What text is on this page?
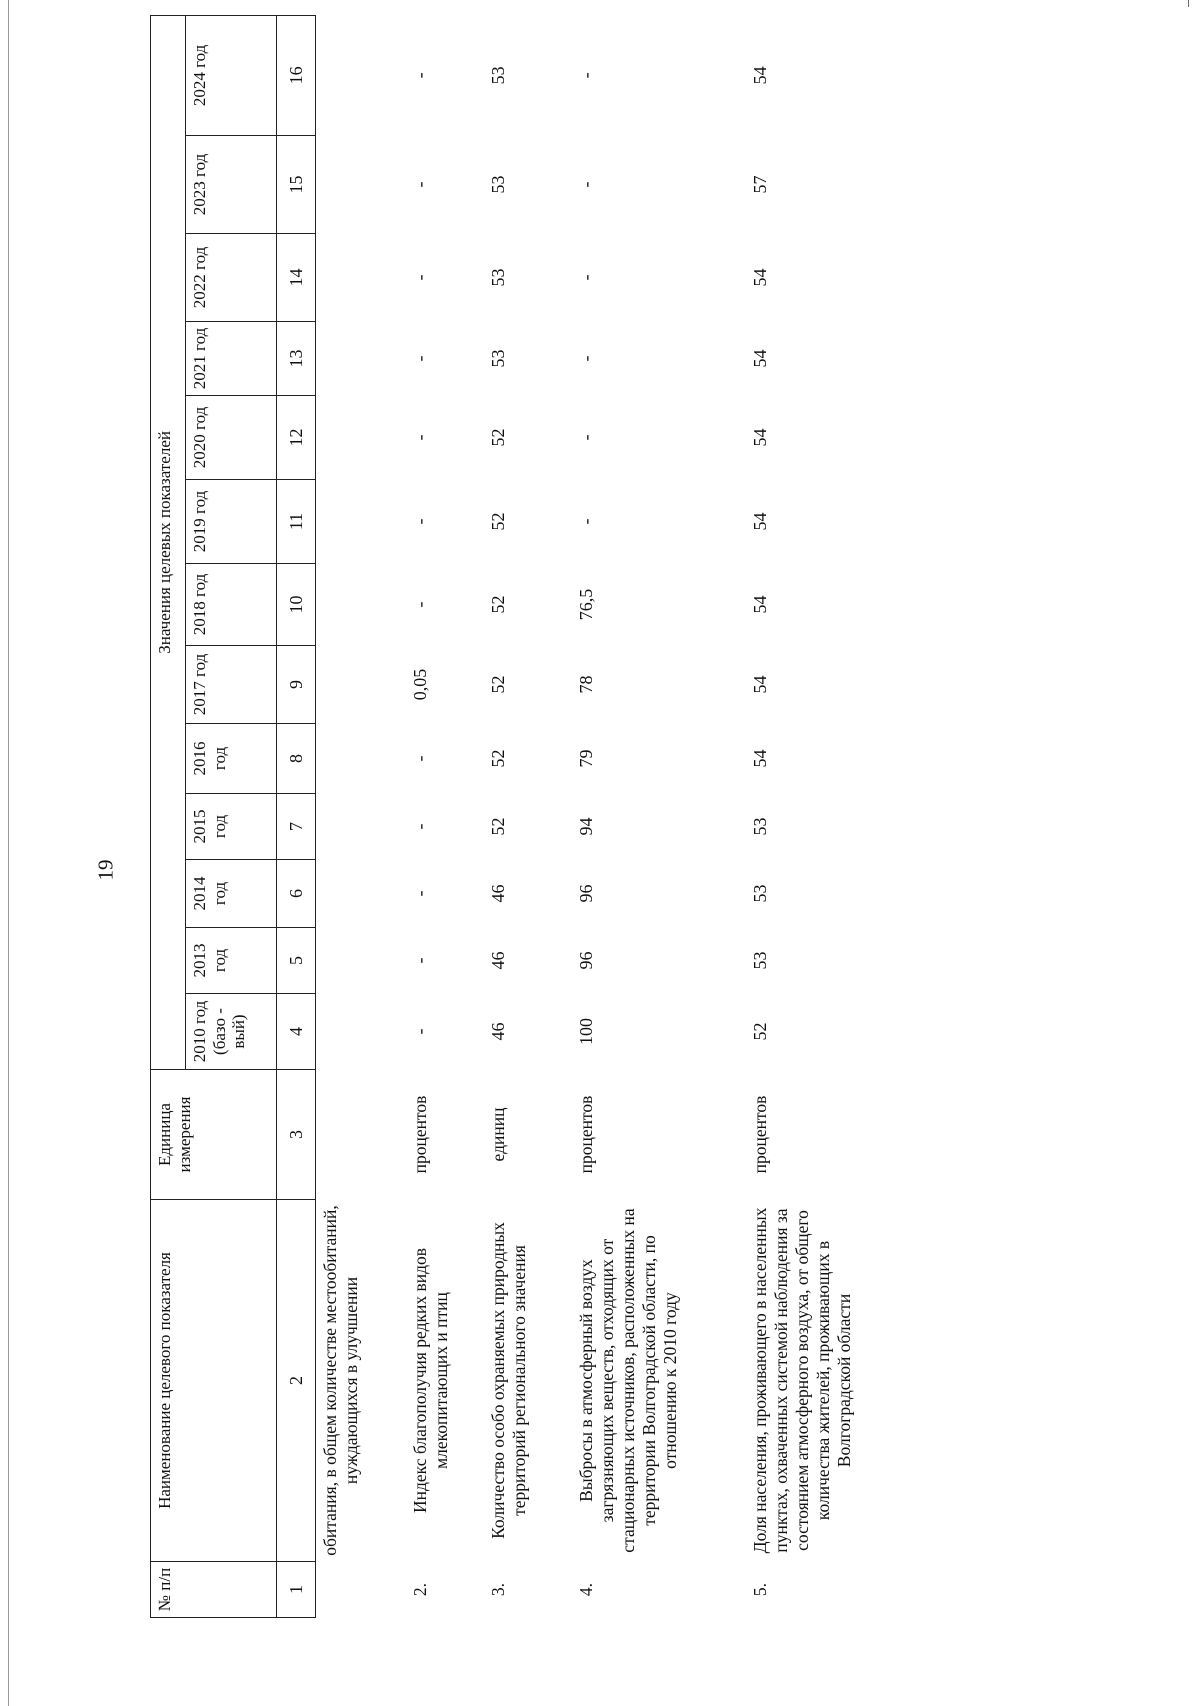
19
№ п/п	Наименование целевого показателя	Единица измерения	Значения целевых показателей												
			2010 год (базо - вый)	2013 год	2014 год	2015 год	2016 год	2017 год	2018 год	2019 год	2020 год	2021 год	2022 год	2023 год	2024 год
1	2	3	4	5	6	7	8	9	10	11	12	13	14	15	16
	обитания, в общем количестве местообитаний, нуждающихся в улучшении														
2.	Индекс благополучия редких видов млекопитающих и птиц	процентов	-	-	-	-	-	0,05	-	-	-	-	-	-	-
3.	Количество особо охраняемых природных территорий регионального значения	единиц	46	46	46	52	52	52	52	52	52	53	53	53	53
4.	Выбросы в атмосферный воздух загрязняющих веществ, отходящих от стационарных источников, расположенных на территории Волгоградской области, по отношению к 2010 году	процентов	100	96	96	94	79	78	76,5	-	-	-	-	-	-
5.	Доля населения, проживающего в населенных пунктах, охваченных системой наблюдения за состоянием атмосферного воздуха, от общего количества жителей, проживающих в Волгоградской области	процентов	52	53	53	53	54	54	54	54	54	54	54	57	54
